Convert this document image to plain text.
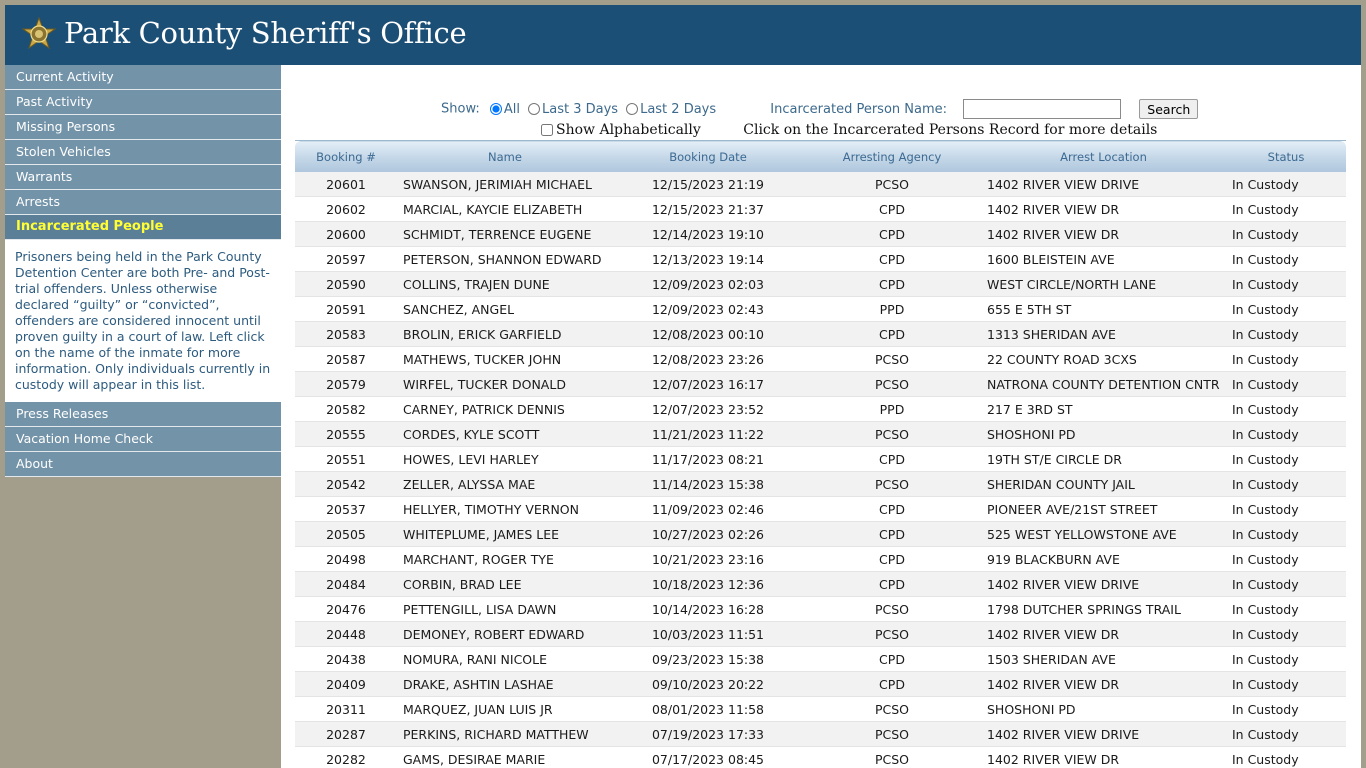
Park County Sheriff's Office
Current Activity
Past Activity
Missing Persons
Stolen Vehicles
Warrants
Arrests
Incarcerated People
Prisoners being held in the Park County Detention Center are both Pre- and Post- trial offenders. Unless otherwise declared “guilty” or “convicted”, offenders are considered innocent until proven guilty in a court of law. Left click on the name of the inmate for more information. Only individuals currently in custody will appear in this list.
Press Releases
Vacation Home Check
About
Show: All Last 3 Days Last 2 Days	Incarcerated Person Name:	Search
Show Alphabetically	Click on the Incarcerated Persons Record for more details
Booking #	Name	Booking Date	Arresting Agency	Arrest Location	Status
20601	SWANSON, JERIMIAH MICHAEL	12/15/2023 21:19	PCSO	1402 RIVER VIEW DRIVE	In Custody
20602	MARCIAL, KAYCIE ELIZABETH	12/15/2023 21:37	CPD	1402 RIVER VIEW DR	In Custody
20600	SCHMIDT, TERRENCE EUGENE	12/14/2023 19:10	CPD	1402 RIVER VIEW DR	In Custody
20597	PETERSON, SHANNON EDWARD	12/13/2023 19:14	CPD	1600 BLEISTEIN AVE	In Custody
20590	COLLINS, TRAJEN DUNE	12/09/2023 02:03	CPD	WEST CIRCLE/NORTH LANE	In Custody
20591	SANCHEZ, ANGEL	12/09/2023 02:43	PPD	655 E 5TH ST	In Custody
20583	BROLIN, ERICK GARFIELD	12/08/2023 00:10	CPD	1313 SHERIDAN AVE	In Custody
20587	MATHEWS, TUCKER JOHN	12/08/2023 23:26	PCSO	22 COUNTY ROAD 3CXS	In Custody
20579	WIRFEL, TUCKER DONALD	12/07/2023 16:17	PCSO	NATRONA COUNTY DETENTION CNTR	In Custody
20582	CARNEY, PATRICK DENNIS	12/07/2023 23:52	PPD	217 E 3RD ST	In Custody
20555	CORDES, KYLE SCOTT	11/21/2023 11:22	PCSO	SHOSHONI PD	In Custody
20551	HOWES, LEVI HARLEY	11/17/2023 08:21	CPD	19TH ST/E CIRCLE DR	In Custody
20542	ZELLER, ALYSSA MAE	11/14/2023 15:38	PCSO	SHERIDAN COUNTY JAIL	In Custody
20537	HELLYER, TIMOTHY VERNON	11/09/2023 02:46	CPD	PIONEER AVE/21ST STREET	In Custody
20505	WHITEPLUME, JAMES LEE	10/27/2023 02:26	CPD	525 WEST YELLOWSTONE AVE	In Custody
20498	MARCHANT, ROGER TYE	10/21/2023 23:16	CPD	919 BLACKBURN AVE	In Custody
20484	CORBIN, BRAD LEE	10/18/2023 12:36	CPD	1402 RIVER VIEW DRIVE	In Custody
20476	PETTENGILL, LISA DAWN	10/14/2023 16:28	PCSO	1798 DUTCHER SPRINGS TRAIL	In Custody
20448	DEMONEY, ROBERT EDWARD	10/03/2023 11:51	PCSO	1402 RIVER VIEW DR	In Custody
20438	NOMURA, RANI NICOLE	09/23/2023 15:38	CPD	1503 SHERIDAN AVE	In Custody
20409	DRAKE, ASHTIN LASHAE	09/10/2023 20:22	CPD	1402 RIVER VIEW DR	In Custody
20311	MARQUEZ, JUAN LUIS JR	08/01/2023 11:58	PCSO	SHOSHONI PD	In Custody
20287	PERKINS, RICHARD MATTHEW	07/19/2023 17:33	PCSO	1402 RIVER VIEW DRIVE	In Custody
20282	GAMS, DESIRAE MARIE	07/17/2023 08:45	PCSO	1402 RIVER VIEW DR	In Custody
